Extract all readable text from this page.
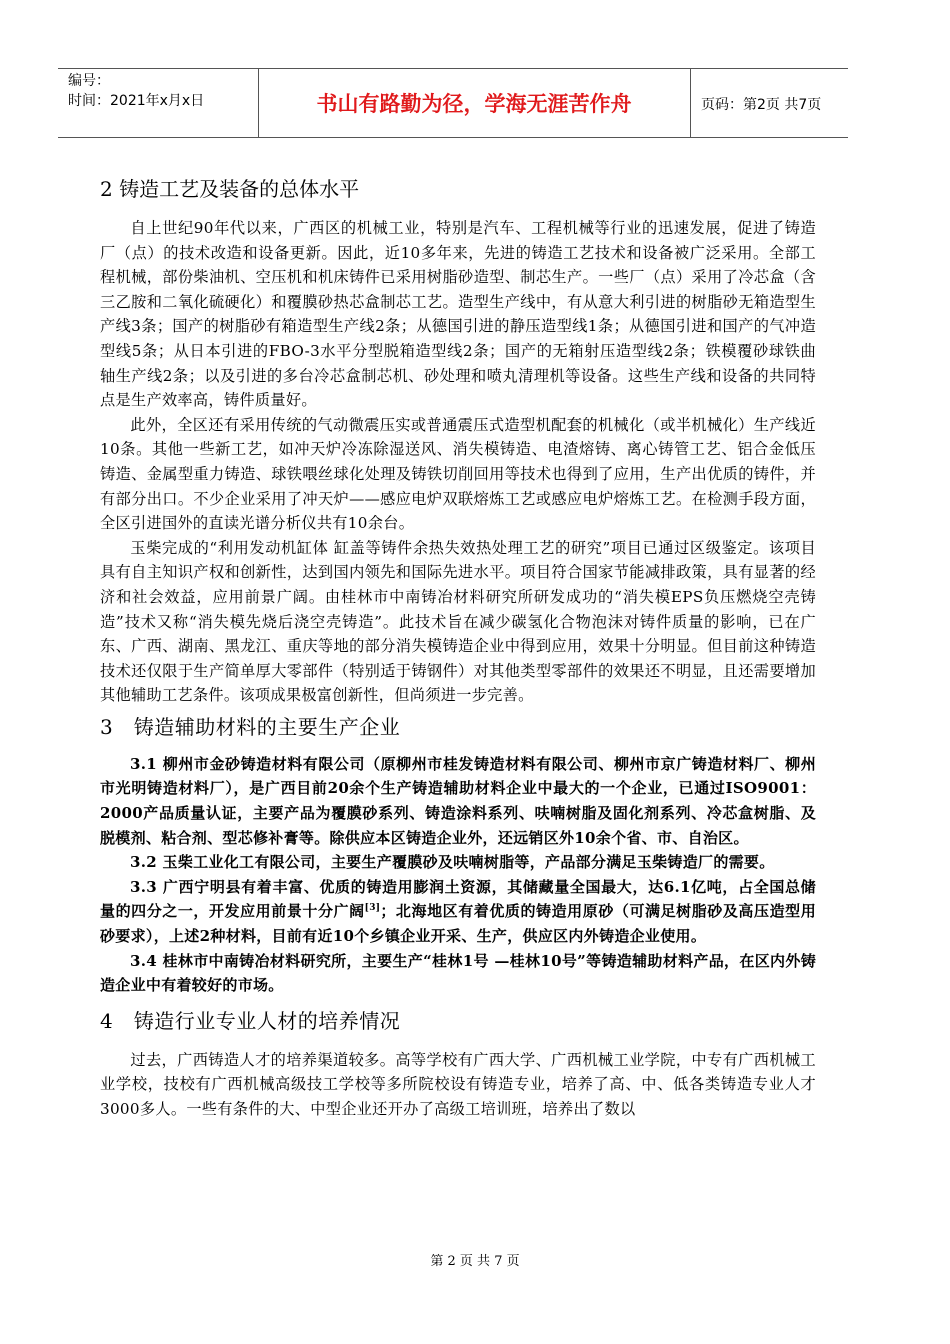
编号：
时间：2021年x月x日	书山有路勤为径，学海无涯苦作舟	页码：第2页 共7页
2 铸造工艺及装备的总体水平

自上世纪90年代以来，广西区的机械工业，特别是汽车、工程机械等行业的迅速发展，促进了铸造厂（点）的技术改造和设备更新。因此，近10多年来，先进的铸造工艺技术和设备被广泛采用。全部工程机械，部份柴油机、空压机和机床铸件已采用树脂砂造型、制芯生产。一些厂（点）采用了冷芯盒（含三乙胺和二氧化硫硬化）和覆膜砂热芯盒制芯工艺。造型生产线中，有从意大利引进的树脂砂无箱造型生产线3条；国产的树脂砂有箱造型生产线2条；从德国引进的静压造型线1条；从德国引进和国产的气冲造型线5条；从日本引进的FBO-3水平分型脱箱造型线2条；国产的无箱射压造型线2条；铁模覆砂球铁曲轴生产线2条；以及引进的多台冷芯盒制芯机、砂处理和喷丸清理机等设备。这些生产线和设备的共同特点是生产效率高，铸件质量好。

此外，全区还有采用传统的气动微震压实或普通震压式造型机配套的机械化（或半机械化）生产线近10条。其他一些新工艺，如冲天炉冷冻除湿送风、消失模铸造、电渣熔铸、离心铸管工艺、铝合金低压铸造、金属型重力铸造、球铁喂丝球化处理及铸铁切削回用等技术也得到了应用，生产出优质的铸件，并有部分出口。不少企业采用了冲天炉——感应电炉双联熔炼工艺或感应电炉熔炼工艺。在检测手段方面，全区引进国外的直读光谱分析仪共有10余台。

玉柴完成的“利用发动机缸体 缸盖等铸件余热失效热处理工艺的研究”项目已通过区级鉴定。该项目具有自主知识产权和创新性，达到国内领先和国际先进水平。项目符合国家节能减排政策，具有显著的经济和社会效益，应用前景广阔。由桂林市中南铸冶材料研究所研发成功的“消失模EPS负压燃烧空壳铸造”技术又称“消失模先烧后浇空壳铸造”。此技术旨在减少碳氢化合物泡沫对铸件质量的影响，已在广东、广西、湖南、黑龙江、重庆等地的部分消失模铸造企业中得到应用，效果十分明显。但目前这种铸造技术还仅限于生产简单厚大零部件（特别适于铸钢件）对其他类型零部件的效果还不明显，且还需要增加其他辅助工艺条件。该项成果极富创新性，但尚须进一步完善。

3　铸造辅助材料的主要生产企业

3.1 柳州市金砂铸造材料有限公司（原柳州市桂发铸造材料有限公司、柳州市京广铸造材料厂、柳州市光明铸造材料厂），是广西目前20余个生产铸造辅助材料企业中最大的一个企业，已通过ISO9001：2000产品质量认证，主要产品为覆膜砂系列、铸造涂料系列、呋喃树脂及固化剂系列、冷芯盒树脂、及脱模剂、粘合剂、型芯修补膏等。除供应本区铸造企业外，还远销区外10余个省、市、自治区。

3.2 玉柴工业化工有限公司，主要生产覆膜砂及呋喃树脂等，产品部分满足玉柴铸造厂的需要。

3.3 广西宁明县有着丰富、优质的铸造用膨润土资源，其储藏量全国最大，达6.1亿吨，占全国总储量的四分之一，开发应用前景十分广阔[3]；北海地区有着优质的铸造用原砂（可满足树脂砂及高压造型用砂要求），上述2种材料，目前有近10个乡镇企业开采、生产，供应区内外铸造企业使用。

3.4 桂林市中南铸冶材料研究所，主要生产“桂林1号 —桂林10号”等铸造辅助材料产品，在区内外铸造企业中有着较好的市场。

4　铸造行业专业人材的培养情况

过去，广西铸造人才的培养渠道较多。高等学校有广西大学、广西机械工业学院，中专有广西机械工业学校，技校有广西机械高级技工学校等多所院校设有铸造专业，培养了高、中、低各类铸造专业人才3000多人。一些有条件的大、中型企业还开办了高级工培训班，培养出了数以

第 2 页 共 7 页
